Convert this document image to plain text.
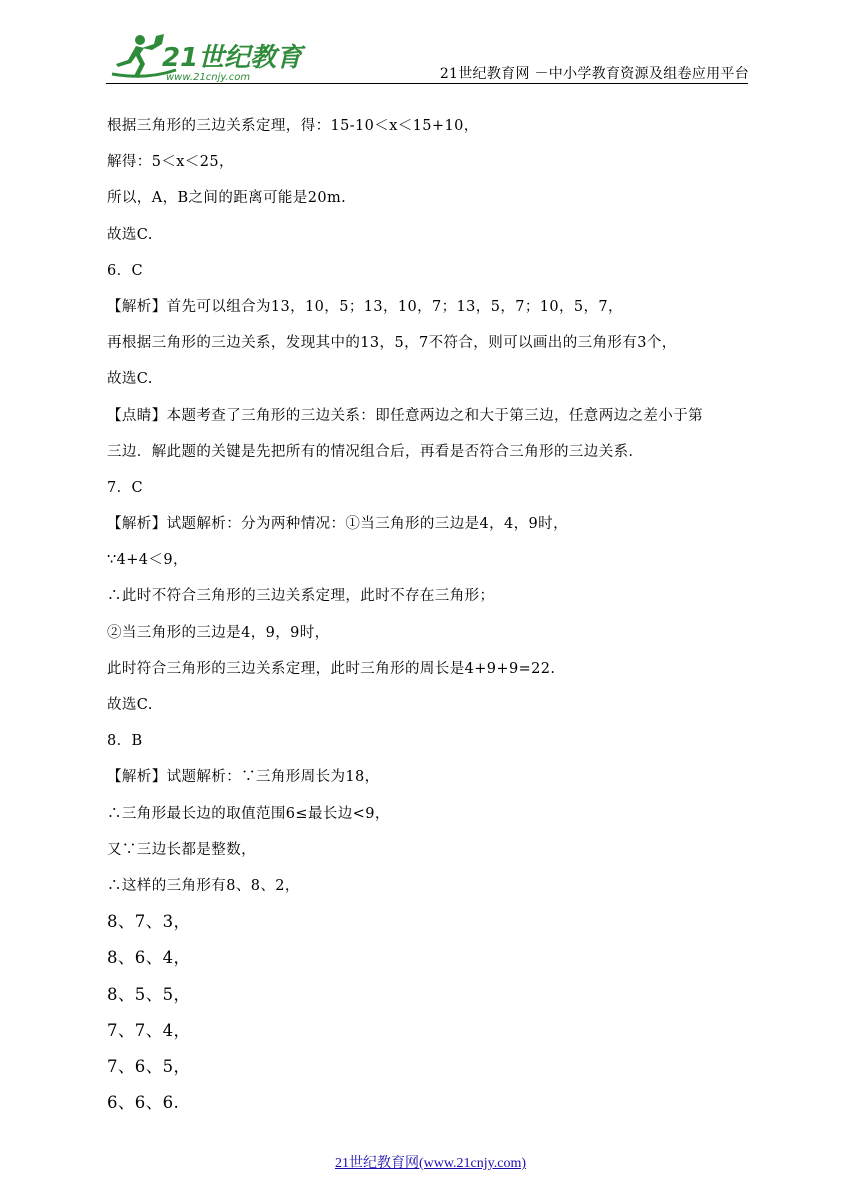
21世纪教育
www.21cnjy.com	21世纪教育网 －中小学教育资源及组卷应用平台
根据三角形的三边关系定理，得：15-10＜x＜15+10，
解得：5＜x＜25，
所以，A，B之间的距离可能是20m.
故选C.
6．C
【解析】首先可以组合为13，10，5；13，10，7；13，5，7；10，5，7，
再根据三角形的三边关系，发现其中的13，5，7不符合，则可以画出的三角形有3个，
故选C.
【点睛】本题考查了三角形的三边关系：即任意两边之和大于第三边，任意两边之差小于第
三边．解此题的关键是先把所有的情况组合后，再看是否符合三角形的三边关系．
7．C
【解析】试题解析：分为两种情况：①当三角形的三边是4，4，9时，
∵4+4＜9，
∴此时不符合三角形的三边关系定理，此时不存在三角形；
②当三角形的三边是4，9，9时，
此时符合三角形的三边关系定理，此时三角形的周长是4+9+9=22.
故选C.
8．B
【解析】试题解析：∵三角形周长为18，
∴三角形最长边的取值范围6≤最长边<9，
又∵三边长都是整数，
∴这样的三角形有8、8、2，
8、7、3，
8、6、4，
8、5、5，
7、7、4，
7、6、5，
6、6、6.
21世纪教育网(www.21cnjy.com)
